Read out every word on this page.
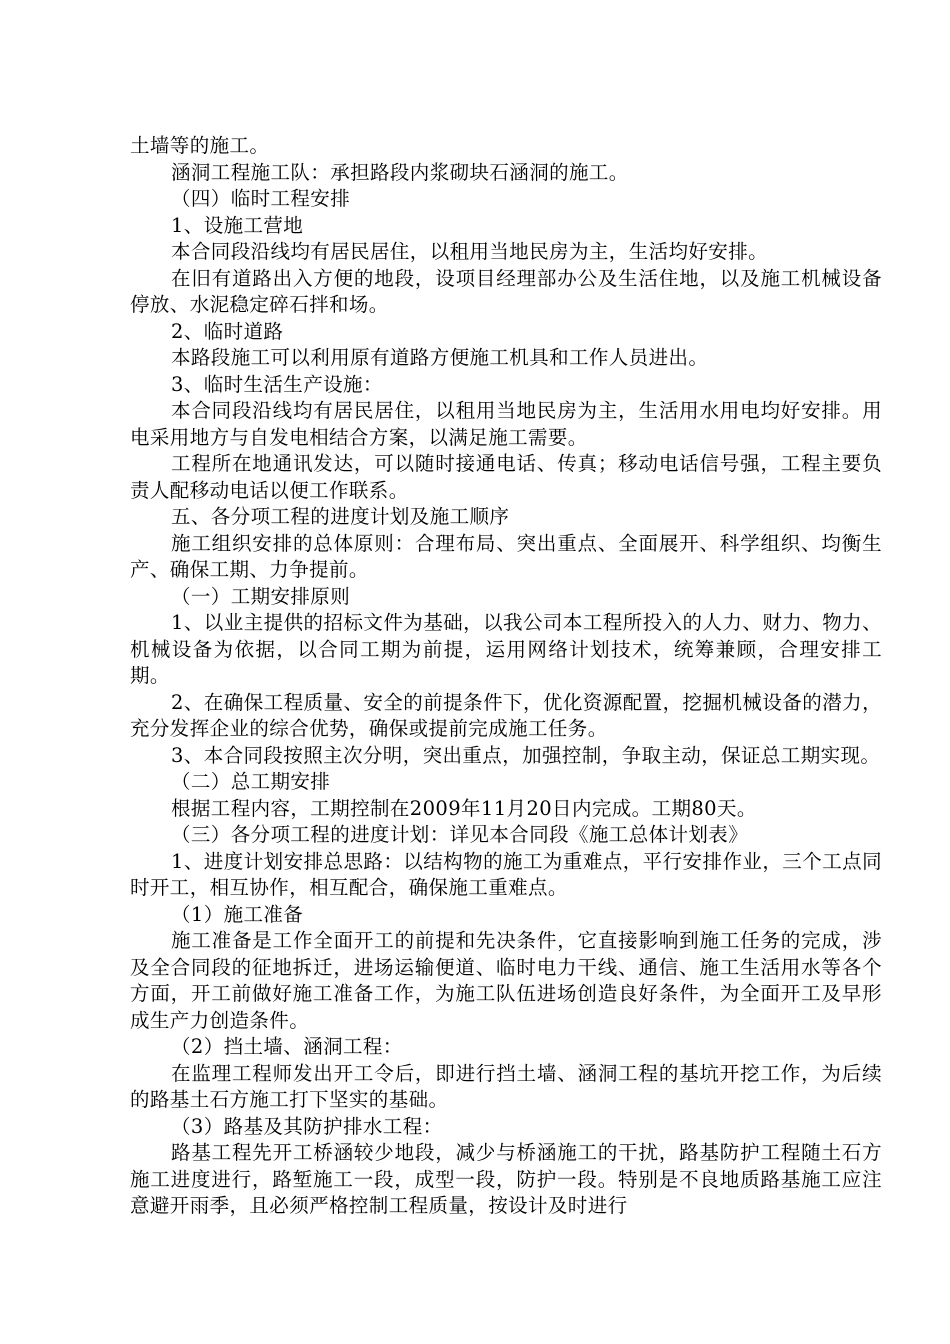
土墙等的施工。

涵洞工程施工队：承担路段内浆砌块石涵洞的施工。

（四）临时工程安排

1、设施工营地

本合同段沿线均有居民居住，以租用当地民房为主，生活均好安排。

在旧有道路出入方便的地段，设项目经理部办公及生活住地，以及施工机械设备停放、水泥稳定碎石拌和场。

2、临时道路

本路段施工可以利用原有道路方便施工机具和工作人员进出。

3、临时生活生产设施：

本合同段沿线均有居民居住，以租用当地民房为主，生活用水用电均好安排。用电采用地方与自发电相结合方案，以满足施工需要。

工程所在地通讯发达，可以随时接通电话、传真；移动电话信号强，工程主要负责人配移动电话以便工作联系。

五、各分项工程的进度计划及施工顺序

施工组织安排的总体原则：合理布局、突出重点、全面展开、科学组织、均衡生产、确保工期、力争提前。

（一）工期安排原则

1、以业主提供的招标文件为基础，以我公司本工程所投入的人力、财力、物力、机械设备为依据，以合同工期为前提，运用网络计划技术，统筹兼顾，合理安排工期。

2、在确保工程质量、安全的前提条件下，优化资源配置，挖掘机械设备的潜力，充分发挥企业的综合优势，确保或提前完成施工任务。

3、本合同段按照主次分明，突出重点，加强控制，争取主动，保证总工期实现。

（二）总工期安排

根据工程内容，工期控制在2009年11月20日内完成。工期80天。

（三）各分项工程的进度计划：详见本合同段《施工总体计划表》

1、进度计划安排总思路：以结构物的施工为重难点，平行安排作业，三个工点同时开工，相互协作，相互配合，确保施工重难点。

（1）施工准备

施工准备是工作全面开工的前提和先决条件，它直接影响到施工任务的完成，涉及全合同段的征地拆迁，进场运输便道、临时电力干线、通信、施工生活用水等各个方面，开工前做好施工准备工作，为施工队伍进场创造良好条件，为全面开工及早形成生产力创造条件。

（2）挡土墙、涵洞工程：

在监理工程师发出开工令后，即进行挡土墙、涵洞工程的基坑开挖工作，为后续的路基土石方施工打下坚实的基础。

（3）路基及其防护排水工程：

路基工程先开工桥涵较少地段，减少与桥涵施工的干扰，路基防护工程随土石方施工进度进行，路堑施工一段，成型一段，防护一段。特别是不良地质路基施工应注意避开雨季，且必须严格控制工程质量，按设计及时进行
